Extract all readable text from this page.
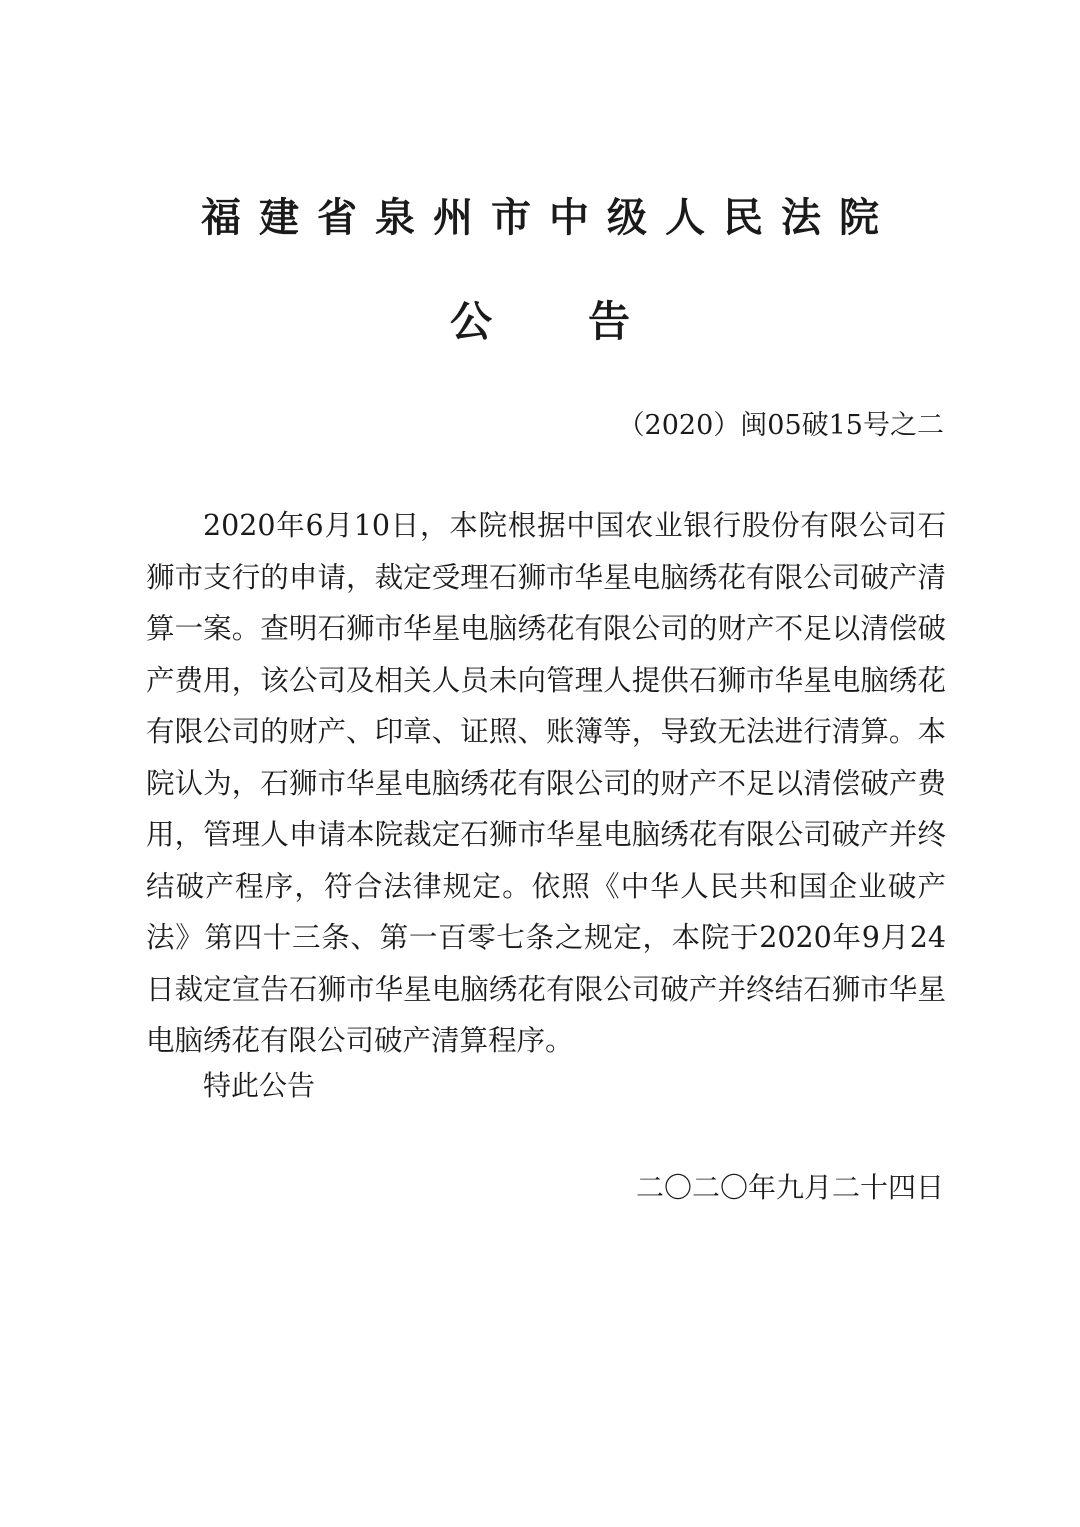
福建省泉州市中级人民法院
公告
（2020）闽05破15号之二

2020年6月10日，本院根据中国农业银行股份有限公司石狮市支行的申请，裁定受理石狮市华星电脑绣花有限公司破产清算一案。查明石狮市华星电脑绣花有限公司的财产不足以清偿破产费用，该公司及相关人员未向管理人提供石狮市华星电脑绣花有限公司的财产、印章、证照、账簿等，导致无法进行清算。本院认为，石狮市华星电脑绣花有限公司的财产不足以清偿破产费用，管理人申请本院裁定石狮市华星电脑绣花有限公司破产并终结破产程序，符合法律规定。依照《中华人民共和国企业破产法》第四十三条、第一百零七条之规定，本院于2020年9月24日裁定宣告石狮市华星电脑绣花有限公司破产并终结石狮市华星电脑绣花有限公司破产清算程序。

特此公告
二〇二〇年九月二十四日
